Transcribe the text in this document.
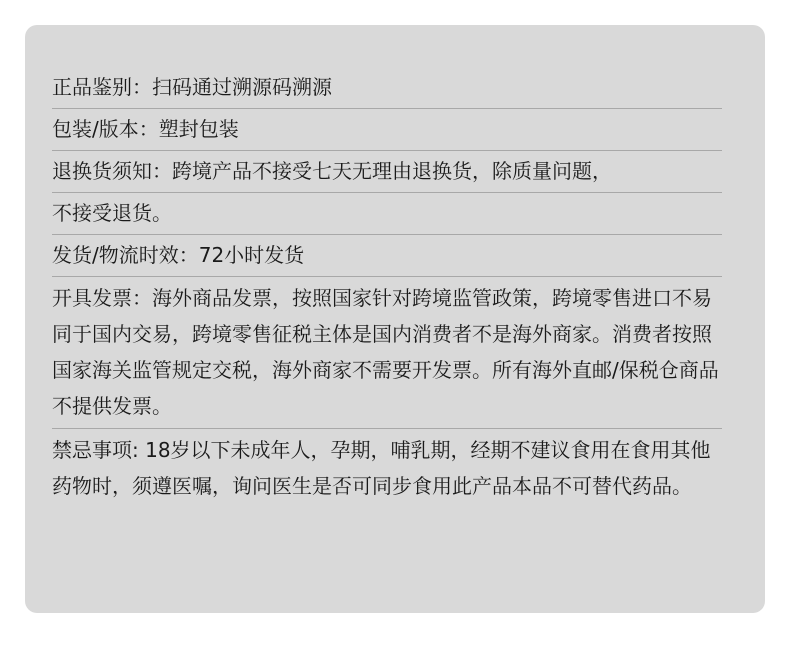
正品鉴别：扫码通过溯源码溯源
包装/版本：塑封包装
退换货须知：跨境产品不接受七天无理由退换货，除质量问题，
不接受退货。
发货/物流时效：72小时发货
开具发票：海外商品发票，按照国家针对跨境监管政策，跨境零售进口不易同于国内交易，跨境零售征税主体是国内消费者不是海外商家。消费者按照国家海关监管规定交税，海外商家不需要开发票。所有海外直邮/保税仓商品不提供发票。
禁忌事项: 18岁以下未成年人，孕期，哺乳期，经期不建议食用在食用其他药物时，须遵医嘱，询问医生是否可同步食用此产品本品不可替代药品。
